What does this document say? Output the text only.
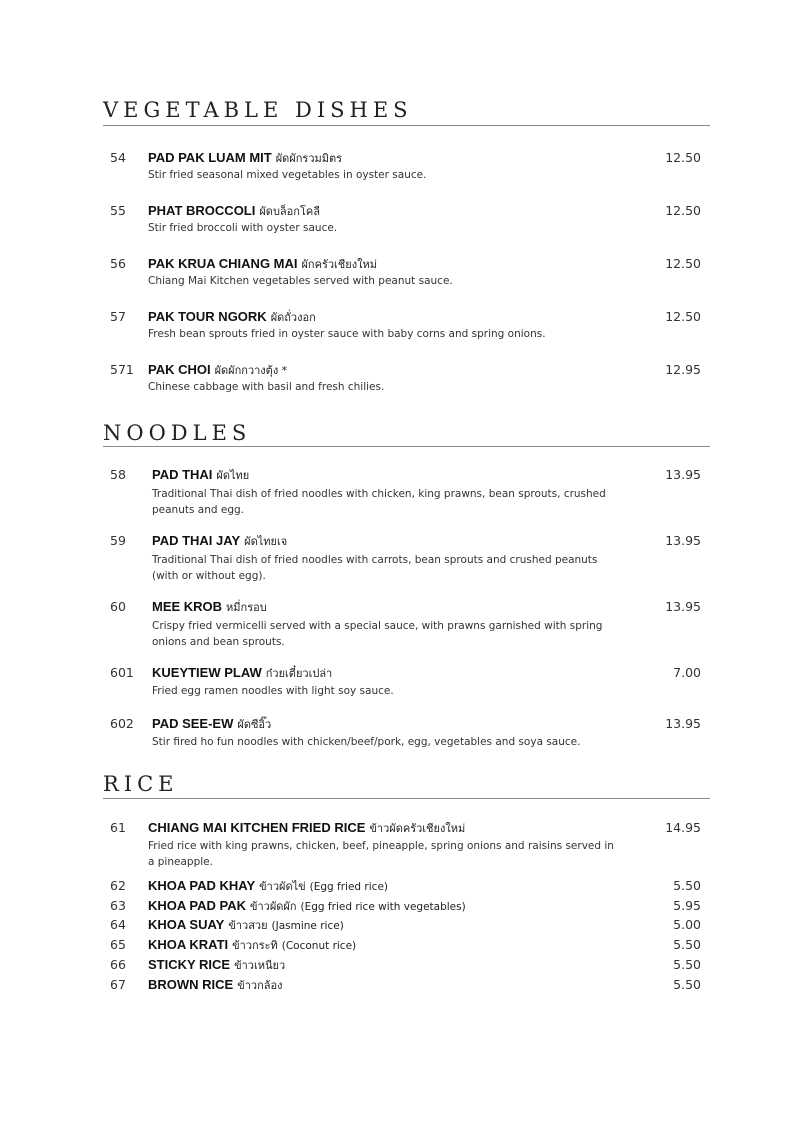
VEGETABLE DISHES
54 PAD PAK LUAM MIT ผัดผักรวมมิตร	12.50
Stir fried seasonal mixed vegetables in oyster sauce.
55 PHAT BROCCOLI ผัดบล็อกโคลี	12.50
Stir fried broccoli with oyster sauce.
56 PAK KRUA CHIANG MAI ผักครัวเชียงใหม่	12.50
Chiang Mai Kitchen vegetables served with peanut sauce.
57 PAK TOUR NGORK ผัดถั่วงอก	12.50
Fresh bean sprouts fried in oyster sauce with baby corns and spring onions.
571 PAK CHOI ผัดผักกวางตุ้ง *	12.95
Chinese cabbage with basil and fresh chilies.
NOODLES
58 PAD THAI ผัดไทย	13.95
Traditional Thai dish of fried noodles with chicken, king prawns, bean sprouts, crushed peanuts and egg.
59 PAD THAI JAY ผัดไทยเจ	13.95
Traditional Thai dish of fried noodles with carrots, bean sprouts and crushed peanuts (with or without egg).
60 MEE KROB หมี่กรอบ	13.95
Crispy fried vermicelli served with a special sauce, with prawns garnished with spring onions and bean sprouts.
601 KUEYTIEW PLAW ก๋วยเตี๋ยวเปล่า	7.00
Fried egg ramen noodles with light soy sauce.
602 PAD SEE-EW ผัดซีอิ๊ว	13.95
Stir fired ho fun noodles with chicken/beef/pork, egg, vegetables and soya sauce.
RICE
61 CHIANG MAI KITCHEN FRIED RICE ข้าวผัดครัวเชียงใหม่	14.95
Fried rice with king prawns, chicken, beef, pineapple, spring onions and raisins served in a pineapple.
62 KHOA PAD KHAY ข้าวผัดไข่ (Egg fried rice)	5.50
63 KHOA PAD PAK ข้าวผัดผัก (Egg fried rice with vegetables)	5.95
64 KHOA SUAY ข้าวสวย (Jasmine rice)	5.00
65 KHOA KRATI ข้าวกระทิ (Coconut rice)	5.50
66 STICKY RICE ข้าวเหนียว	5.50
67 BROWN RICE ข้าวกล้อง	5.50
